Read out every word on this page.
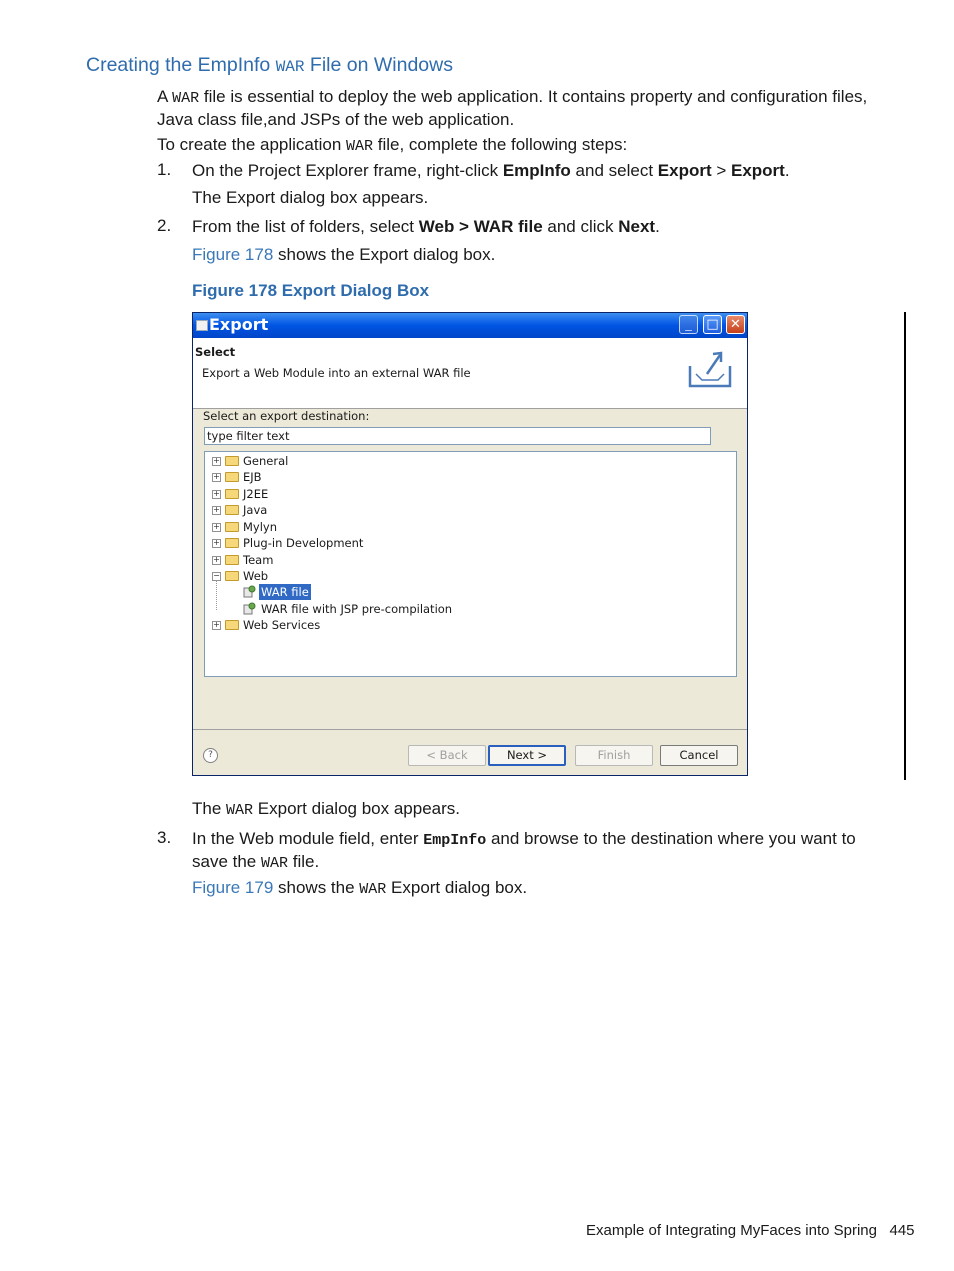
Creating the EmpInfo WAR File on Windows
A WAR file is essential to deploy the web application. It contains property and configuration files,
Java class file,and JSPs of the web application.
To create the application WAR file, complete the following steps:
1. On the Project Explorer frame, right-click EmpInfo and select Export > Export.
The Export dialog box appears.
2. From the list of folders, select Web > WAR file and click Next.
Figure 178 shows the Export dialog box.
Figure 178 Export Dialog Box
Export	_	□ ✕
Select
Export a Web Module into an external WAR file
Select an export destination:
type filter text
+ General
+ EJB
+ J2EE
+ Java
+ Mylyn
+ Plug-in Development
+ Team
− Web
WAR file
WAR file with JSP pre-compilation
+ Web Services
?	< Back	Next >	Finish	Cancel
The WAR Export dialog box appears.
3. In the Web module field, enter EmpInfo and browse to the destination where you want to
save the WAR file.
Figure 179 shows the WAR Export dialog box.
Example of Integrating MyFaces into Spring 445
